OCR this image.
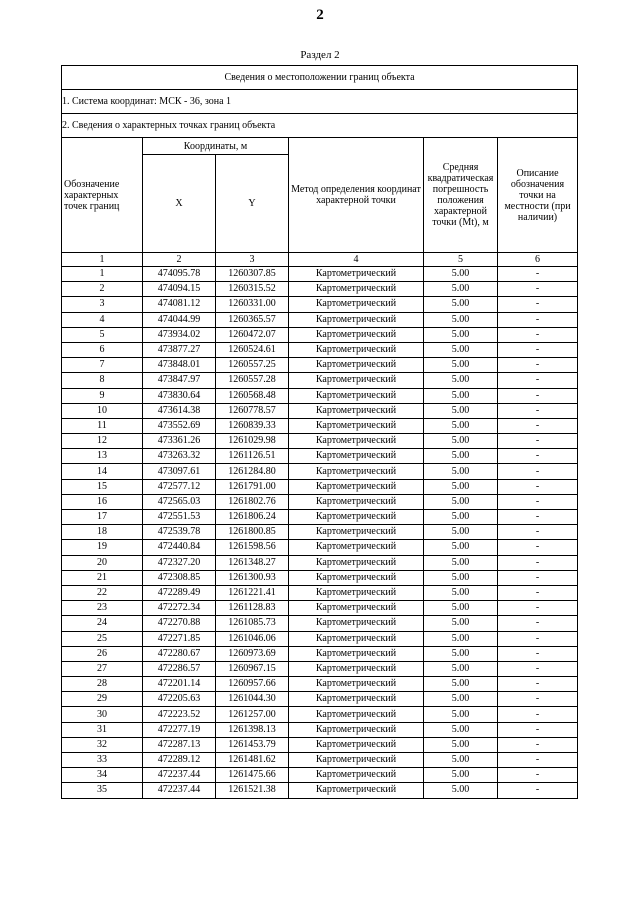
2
Раздел 2
Сведения о местоположении границ объекта					
1. Система координат: МСК - 36, зона 1					
2. Сведения о характерных точках границ объекта					
Обозначение характерных точек границ	Координаты, м		Метод определения координат характерной точки	Средняя квадратическая погрешность положения характерной точки (Mt), м	Описание обозначения точки на местности (при наличии)
	X	Y			
1	2	3	4	5	6
1	474095.78	1260307.85	Картометрический	5.00	-
2	474094.15	1260315.52	Картометрический	5.00	-
3	474081.12	1260331.00	Картометрический	5.00	-
4	474044.99	1260365.57	Картометрический	5.00	-
5	473934.02	1260472.07	Картометрический	5.00	-
6	473877.27	1260524.61	Картометрический	5.00	-
7	473848.01	1260557.25	Картометрический	5.00	-
8	473847.97	1260557.28	Картометрический	5.00	-
9	473830.64	1260568.48	Картометрический	5.00	-
10	473614.38	1260778.57	Картометрический	5.00	-
11	473552.69	1260839.33	Картометрический	5.00	-
12	473361.26	1261029.98	Картометрический	5.00	-
13	473263.32	1261126.51	Картометрический	5.00	-
14	473097.61	1261284.80	Картометрический	5.00	-
15	472577.12	1261791.00	Картометрический	5.00	-
16	472565.03	1261802.76	Картометрический	5.00	-
17	472551.53	1261806.24	Картометрический	5.00	-
18	472539.78	1261800.85	Картометрический	5.00	-
19	472440.84	1261598.56	Картометрический	5.00	-
20	472327.20	1261348.27	Картометрический	5.00	-
21	472308.85	1261300.93	Картометрический	5.00	-
22	472289.49	1261221.41	Картометрический	5.00	-
23	472272.34	1261128.83	Картометрический	5.00	-
24	472270.88	1261085.73	Картометрический	5.00	-
25	472271.85	1261046.06	Картометрический	5.00	-
26	472280.67	1260973.69	Картометрический	5.00	-
27	472286.57	1260967.15	Картометрический	5.00	-
28	472201.14	1260957.66	Картометрический	5.00	-
29	472205.63	1261044.30	Картометрический	5.00	-
30	472223.52	1261257.00	Картометрический	5.00	-
31	472277.19	1261398.13	Картометрический	5.00	-
32	472287.13	1261453.79	Картометрический	5.00	-
33	472289.12	1261481.62	Картометрический	5.00	-
34	472237.44	1261475.66	Картометрический	5.00	-
35	472237.44	1261521.38	Картометрический	5.00	-
